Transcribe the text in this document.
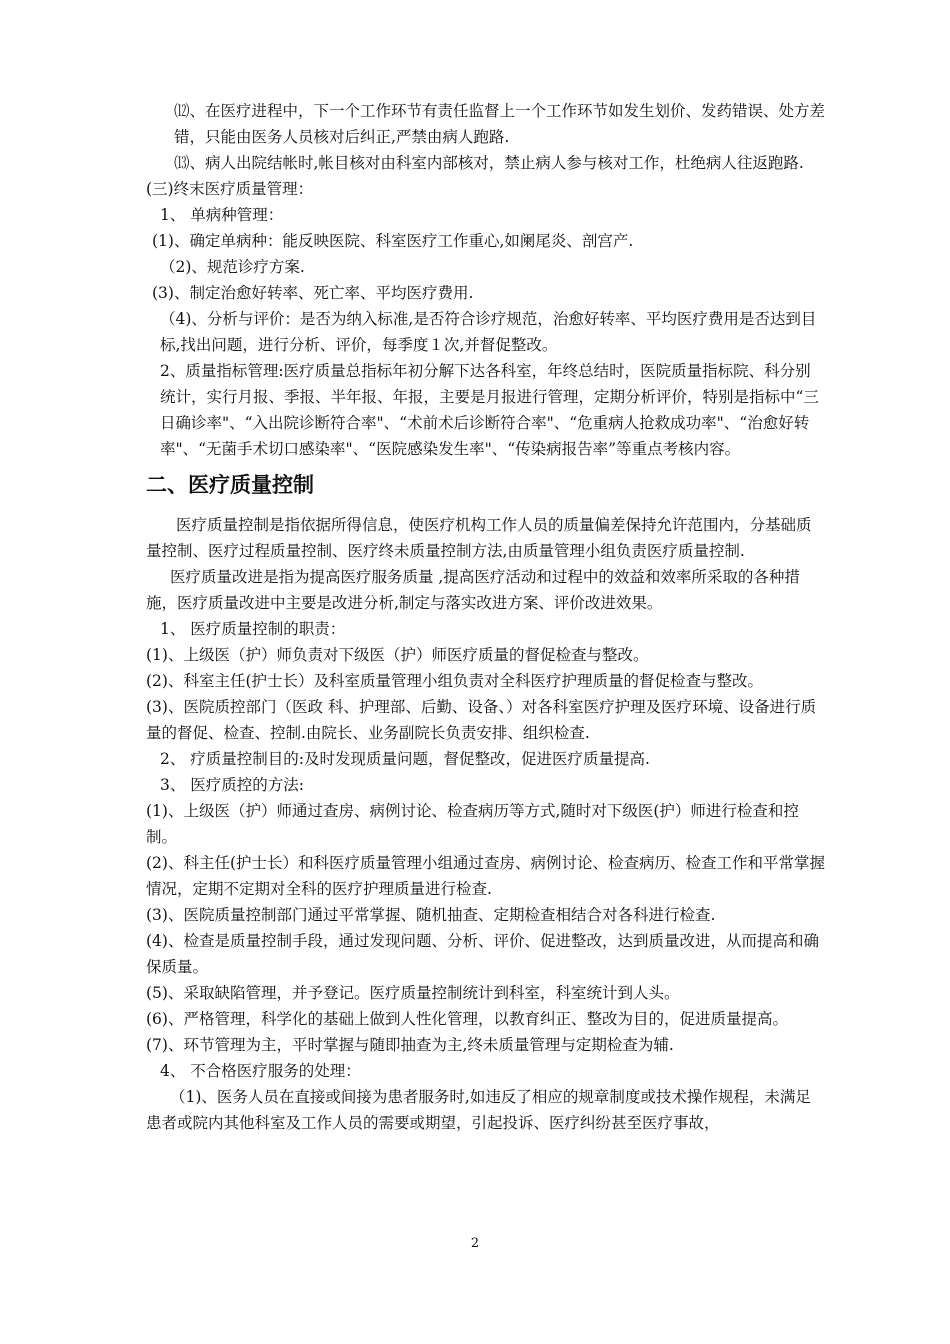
⑿、在医疗进程中，下一个工作环节有责任监督上一个工作环节如发生划价、发药错误、处方差错，只能由医务人员核对后纠正,严禁由病人跑路.

⒀、病人出院结帐时,帐目核对由科室内部核对，禁止病人参与核对工作，杜绝病人往返跑路.

(三)终末医疗质量管理：

1、 单病种管理：

(1)、确定单病种：能反映医院、科室医疗工作重心,如阑尾炎、剖宫产.

（2)、规范诊疗方案.

(3)、制定治愈好转率、死亡率、平均医疗费用.

（4)、分析与评价：是否为纳入标准,是否符合诊疗规范，治愈好转率、平均医疗费用是否达到目标,找出问题，进行分析、评价，每季度１次,并督促整改。

2、质量指标管理:医疗质量总指标年初分解下达各科室，年终总结时，医院质量指标院、科分别统计，实行月报、季报、半年报、年报，主要是月报进行管理，定期分析评价，特别是指标中“三日确诊率"、“入出院诊断符合率"、“术前术后诊断符合率"、“危重病人抢救成功率"、“治愈好转率"、“无菌手术切口感染率"、“医院感染发生率"、“传染病报告率”等重点考核内容。

二、医疗质量控制

医疗质量控制是指依据所得信息，使医疗机构工作人员的质量偏差保持允许范围内，分基础质量控制、医疗过程质量控制、医疗终未质量控制方法,由质量管理小组负责医疗质量控制.

医疗质量改进是指为提高医疗服务质量 ,提高医疗活动和过程中的效益和效率所采取的各种措施，医疗质量改进中主要是改进分析,制定与落实改进方案、评价改进效果。

1、 医疗质量控制的职责：

(1)、上级医（护）师负责对下级医（护）师医疗质量的督促检查与整改。

(2)、科室主任(护士长）及科室质量管理小组负责对全科医疗护理质量的督促检查与整改。

(3)、医院质控部门（医政 科、护理部、后勤、设备、）对各科室医疗护理及医疗环境、设备进行质量的督促、检查、控制.由院长、业务副院长负责安排、组织检查.

2、 疗质量控制目的:及时发现质量问题，督促整改，促进医疗质量提高.

3、 医疗质控的方法:

(1)、上级医（护）师通过查房、病例讨论、检查病历等方式,随时对下级医(护）师进行检查和控制。

(2)、科主任(护士长）和科医疗质量管理小组通过查房、病例讨论、检查病历、检查工作和平常掌握情况，定期不定期对全科的医疗护理质量进行检查.

(3)、医院质量控制部门通过平常掌握、随机抽查、定期检查相结合对各科进行检查.

(4)、检查是质量控制手段，通过发现问题、分析、评价、促进整改，达到质量改进，从而提高和确保质量。

(5)、采取缺陷管理，并予登记。医疗质量控制统计到科室，科室统计到人头。

(6)、严格管理，科学化的基础上做到人性化管理，以教育纠正、整改为目的，促进质量提高。

(7)、环节管理为主，平时掌握与随即抽查为主,终未质量管理与定期检查为辅.

4、 不合格医疗服务的处理：

（1)、医务人员在直接或间接为患者服务时,如违反了相应的规章制度或技术操作规程，未满足患者或院内其他科室及工作人员的需要或期望，引起投诉、医疗纠纷甚至医疗事故，

2
